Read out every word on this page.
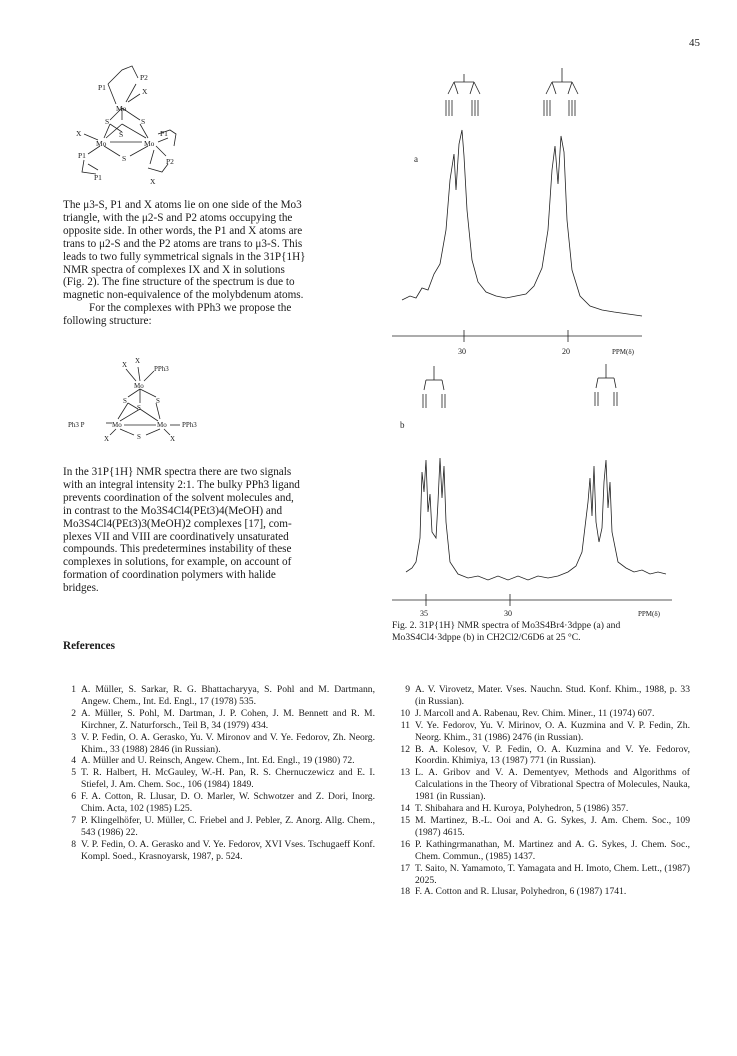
45
P2
P1	X
Mo
S
S
S
X
Mo	Mo
P1
P1	S	P2
P1	X

The μ3-S, P1 and X atoms lie on one side of the Mo3

triangle, with the μ2-S and P2 atoms occupying the

opposite side. In other words, the P1 and X atoms are

trans to μ2-S and the P2 atoms are trans to μ3-S. This

leads to two fully symmetrical signals in the 31P{1H}

NMR spectra of complexes IX and X in solutions

(Fig. 2). The fine structure of the spectrum is due to

magnetic non-equivalence of the molybdenum atoms.

For the complexes with PPh3 we propose the

following structure:

X X
PPh3
Mo
S	S
S
Ph3 P	Mo	Mo PPh3
X	S	X

In the 31P{1H} NMR spectra there are two signals

with an integral intensity 2:1. The bulky PPh3 ligand

prevents coordination of the solvent molecules and,

in contrast to the Mo3S4Cl4(PEt3)4(MeOH) and

Mo3S4Cl4(PEt3)3(MeOH)2 complexes [17], com-

plexes VII and VIII are coordinatively unsaturated

compounds. This predetermines instability of these

complexes in solutions, for example, on account of

formation of coordination polymers with halide

bridges.

a
30	20	PPM(δ)
b
35	30	PPM(δ)
Fig. 2. 31P{1H} NMR spectra of Mo3S4Br4·3dppe (a) and
Mo3S4Cl4·3dppe (b) in CH2Cl2/C6D6 at 25 °C.
References
1 A. Müller, S. Sarkar, R. G. Bhattacharyya, S. Pohl and M. Dartmann, Angew. Chem., Int. Ed. Engl., 17 (1978) 535.
2 A. Müller, S. Pohl, M. Dartman, J. P. Cohen, J. M. Bennett and R. M. Kirchner, Z. Naturforsch., Teil B, 34 (1979) 434.
3 V. P. Fedin, O. A. Gerasko, Yu. V. Mironov and V. Ye. Fedorov, Zh. Neorg. Khim., 33 (1988) 2846 (in Russian).
4 A. Müller and U. Reinsch, Angew. Chem., Int. Ed. Engl., 19 (1980) 72.
5 T. R. Halbert, H. McGauley, W.-H. Pan, R. S. Chernuczewicz and E. I. Stiefel, J. Am. Chem. Soc., 106 (1984) 1849.
6 F. A. Cotton, R. Llusar, D. O. Marler, W. Schwotzer and Z. Dori, Inorg. Chim. Acta, 102 (1985) L25.
7 P. Klingelhöfer, U. Müller, C. Friebel and J. Pebler, Z. Anorg. Allg. Chem., 543 (1986) 22.
8 V. P. Fedin, O. A. Gerasko and V. Ye. Fedorov, XVI Vses. Tschugaeff Konf. Kompl. Soed., Krasnoyarsk, 1987, p. 524.
9 A. V. Virovetz, Mater. Vses. Nauchn. Stud. Konf. Khim., 1988, p. 33 (in Russian).
10 J. Marcoll and A. Rabenau, Rev. Chim. Miner., 11 (1974) 607.
11 V. Ye. Fedorov, Yu. V. Mirinov, O. A. Kuzmina and V. P. Fedin, Zh. Neorg. Khim., 31 (1986) 2476 (in Russian).
12 B. A. Kolesov, V. P. Fedin, O. A. Kuzmina and V. Ye. Fedorov, Koordin. Khimiya, 13 (1987) 771 (in Russian).
13 L. A. Gribov and V. A. Dementyev, Methods and Algorithms of Calculations in the Theory of Vibrational Spectra of Molecules, Nauka, 1981 (in Russian).
14 T. Shibahara and H. Kuroya, Polyhedron, 5 (1986) 357.
15 M. Martinez, B.-L. Ooi and A. G. Sykes, J. Am. Chem. Soc., 109 (1987) 4615.
16 P. Kathingrmanathan, M. Martinez and A. G. Sykes, J. Chem. Soc., Chem. Commun., (1985) 1437.
17 T. Saito, N. Yamamoto, T. Yamagata and H. Imoto, Chem. Lett., (1987) 2025.
18 F. A. Cotton and R. Llusar, Polyhedron, 6 (1987) 1741.
